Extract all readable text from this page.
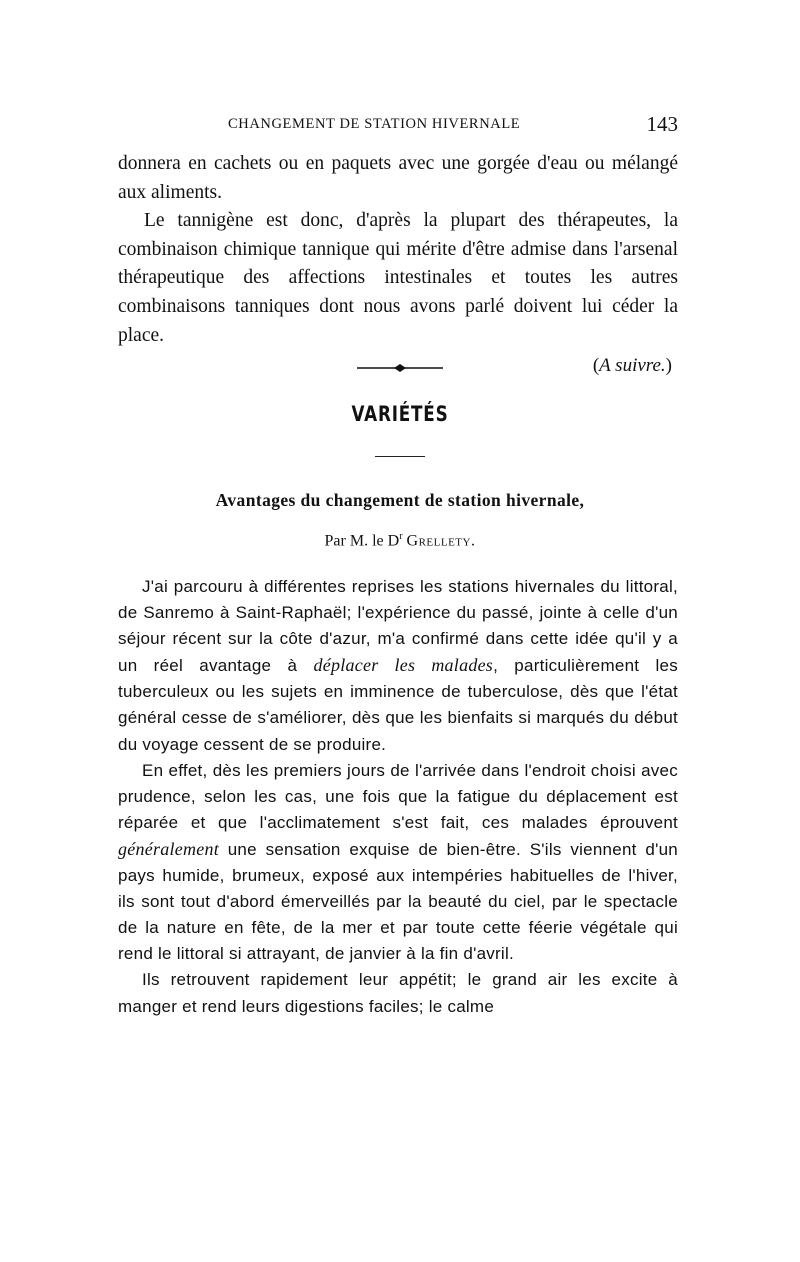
CHANGEMENT DE STATION HIVERNALE	143

donnera en cachets ou en paquets avec une gorgée d'eau ou mélangé aux aliments.

Le tannigène est donc, d'après la plupart des thérapeutes, la combinaison chimique tannique qui mérite d'être admise dans l'arsenal thérapeutique des affections intestinales et toutes les autres combinaisons tanniques dont nous avons parlé doivent lui céder la place.

(A suivre.)

VARIÉTÉS
Avantages du changement de station hivernale,
Par M. le $D^r$ Grellety.

J'ai parcouru à différentes reprises les stations hivernales du littoral, de Sanremo à Saint-Raphaël; l'expérience du passé, jointe à celle d'un séjour récent sur la côte d'azur, m'a confirmé dans cette idée qu'il y a un réel avantage à déplacer les malades, particulièrement les tuberculeux ou les sujets en imminence de tuberculose, dès que l'état général cesse de s'améliorer, dès que les bienfaits si marqués du début du voyage cessent de se produire.

En effet, dès les premiers jours de l'arrivée dans l'endroit choisi avec prudence, selon les cas, une fois que la fatigue du déplacement est réparée et que l'acclimatement s'est fait, ces malades éprouvent généralement une sensation exquise de bien-être. S'ils viennent d'un pays humide, brumeux, exposé aux intempéries habituelles de l'hiver, ils sont tout d'abord émerveillés par la beauté du ciel, par le spectacle de la nature en fête, de la mer et par toute cette féerie végétale qui rend le littoral si attrayant, de janvier à la fin d'avril.

Ils retrouvent rapidement leur appétit; le grand air les excite à manger et rend leurs digestions faciles; le calme
